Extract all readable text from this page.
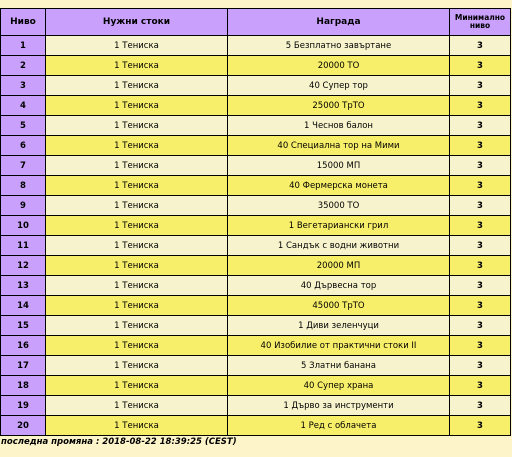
Ниво	Нужни стоки	Награда	Минимално ниво
1	1 Тениска	5 Безплатно завъртане	3
2	1 Тениска	20000 ТО	3
3	1 Тениска	40 Супер тор	3
4	1 Тениска	25000 ТрТО	3
5	1 Тениска	1 Чеснов балон	3
6	1 Тениска	40 Специална тор на Мими	3
7	1 Тениска	15000 МП	3
8	1 Тениска	40 Фермерска монета	3
9	1 Тениска	35000 ТО	3
10	1 Тениска	1 Вегетариански грил	3
11	1 Тениска	1 Сандък с водни животни	3
12	1 Тениска	20000 МП	3
13	1 Тениска	40 Дървесна тор	3
14	1 Тениска	45000 ТрТО	3
15	1 Тениска	1 Диви зеленчуци	3
16	1 Тениска	40 Изобилие от практични стоки II	3
17	1 Тениска	5 Златни банана	3
18	1 Тениска	40 Супер храна	3
19	1 Тениска	1 Дърво за инструменти	3
20	1 Тениска	1 Ред с облачета	3
последна промяна : 2018-08-22 18:39:25 (CEST)
